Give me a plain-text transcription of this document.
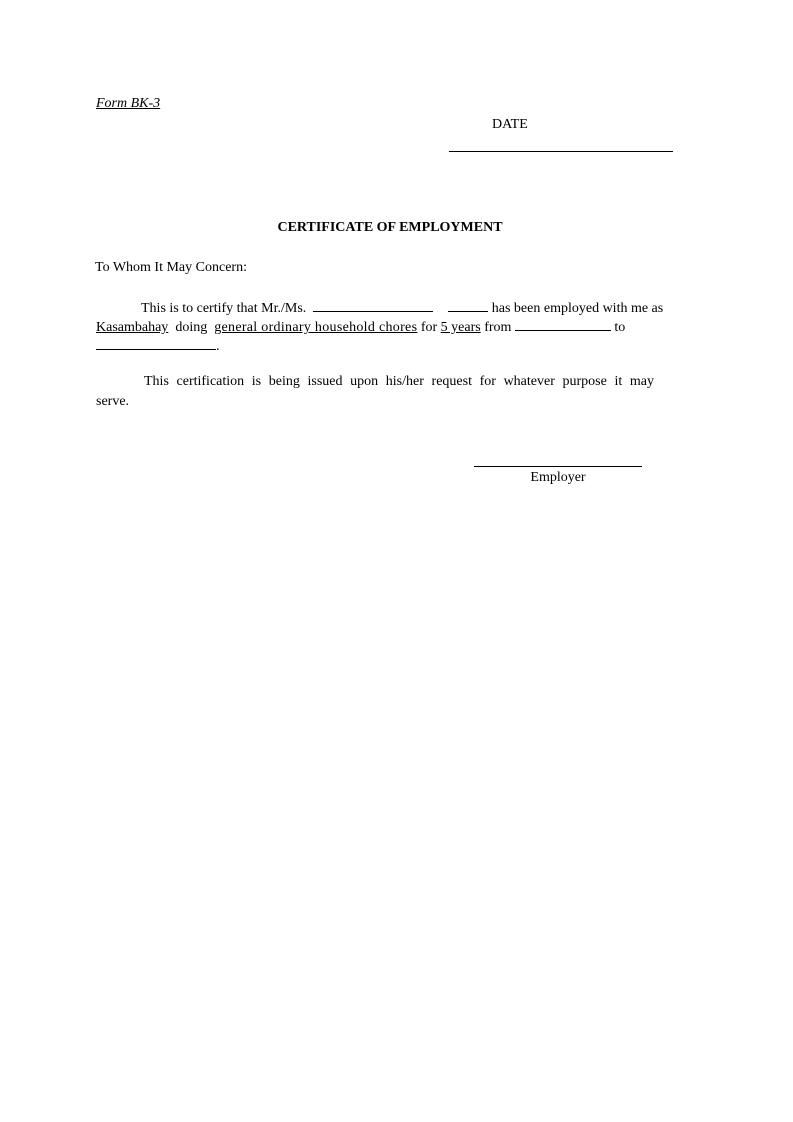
Form BK-3
DATE
CERTIFICATE OF EMPLOYMENT
To Whom It May Concern:
This is to certify that Mr./Ms.	has been employed with me as
Kasambahay doing general ordinary household chores for 5 years from	to
.
This certification is being issued upon his/her request for whatever purpose it may
serve.
Employer
